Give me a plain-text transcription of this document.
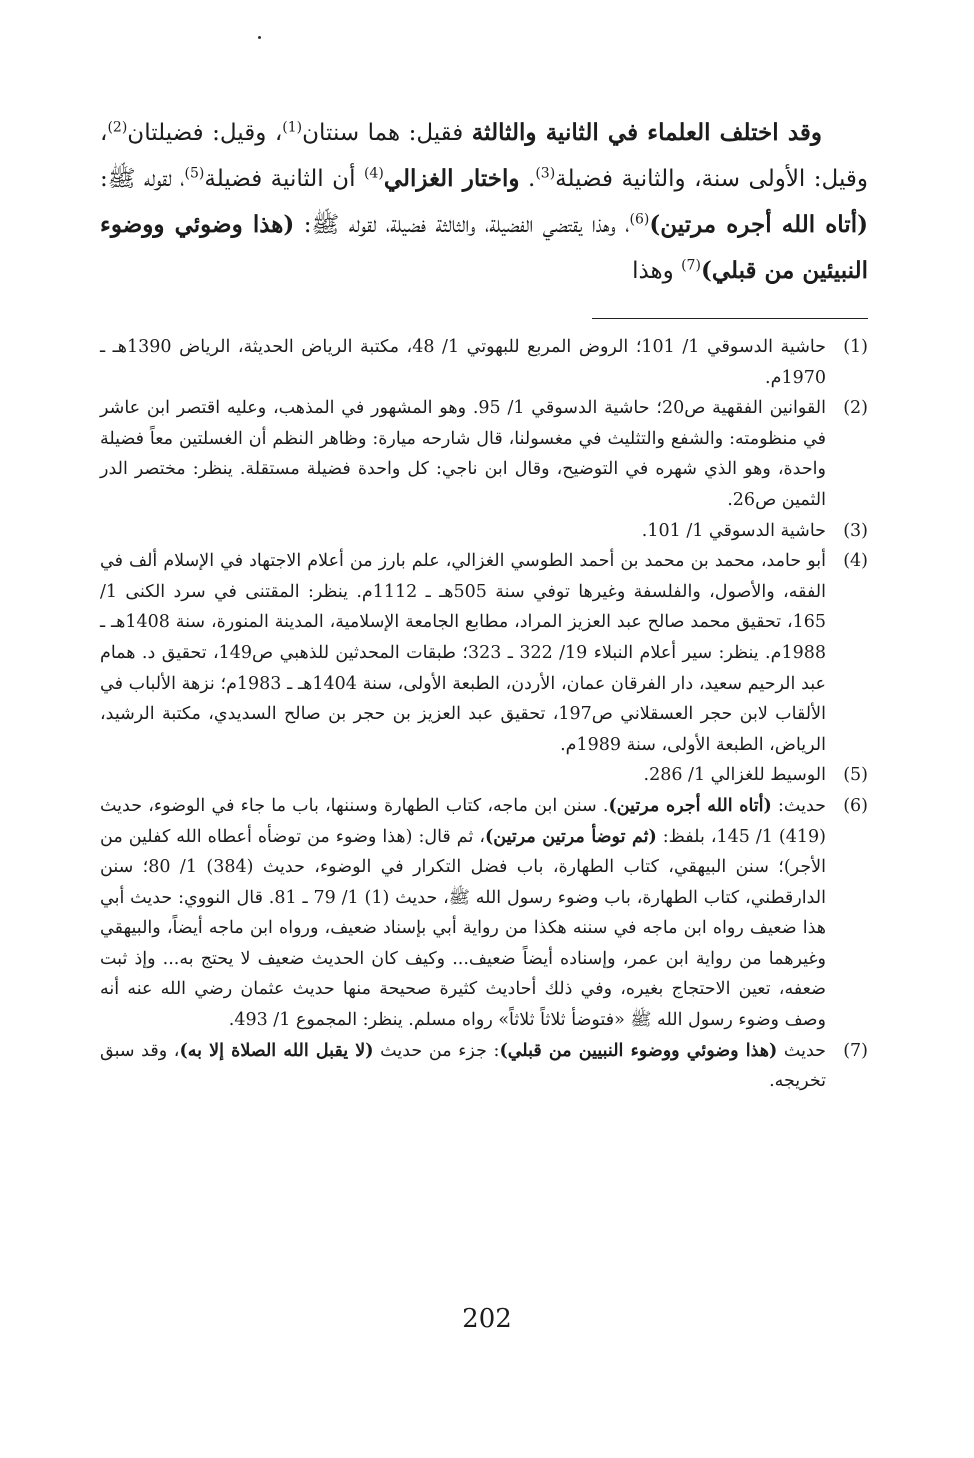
وقد اختلف العلماء في الثانية والثالثة فقيل: هما سنتان$^{(1)}$، وقيل: فضيلتان$^{(2)}$، وقيل: الأولى سنة، والثانية فضيلة$^{(3)}$. واختار الغزالي$^{(4)}$ أن الثانية فضيلة$^{(5)}$، لقوله ﷺ: (أتاه الله أجره مرتين)$^{(6)}$، وهذا يقتضي الفضيلة، والثالثة فضيلة، لقوله ﷺ: (هذا وضوئي ووضوء النبيئين من قبلي)$^{(7)}$ وهذا

(1)
حاشية الدسوقي 1/ 101؛ الروض المربع للبهوتي 1/ 48، مكتبة الرياض الحديثة، الرياض 1390هـ ـ 1970م.
(2)
القوانين الفقهية ص20؛ حاشية الدسوقي 1/ 95. وهو المشهور في المذهب، وعليه اقتصر ابن عاشر في منظومته: والشفع والتثليث في مغسولنا، قال شارحه ميارة: وظاهر النظم أن الغسلتين معاً فضيلة واحدة، وهو الذي شهره في التوضيح، وقال ابن ناجي: كل واحدة فضيلة مستقلة. ينظر: مختصر الدر الثمين ص26.
(3)
حاشية الدسوقي 1/ 101.
(4)
أبو حامد، محمد بن محمد بن أحمد الطوسي الغزالي، علم بارز من أعلام الاجتهاد في الإسلام ألف في الفقه، والأصول، والفلسفة وغيرها توفي سنة 505هـ ـ 1112م. ينظر: المقتنى في سرد الكنى 1/ 165، تحقيق محمد صالح عبد العزيز المراد، مطابع الجامعة الإسلامية، المدينة المنورة، سنة 1408هـ ـ 1988م. ينظر: سير أعلام النبلاء 19/ 322 ـ 323؛ طبقات المحدثين للذهبي ص149، تحقيق د. همام عبد الرحيم سعيد، دار الفرقان عمان، الأردن، الطبعة الأولى، سنة 1404هـ ـ 1983م؛ نزهة الألباب في الألقاب لابن حجر العسقلاني ص197، تحقيق عبد العزيز بن حجر بن صالح السديدي، مكتبة الرشيد، الرياض، الطبعة الأولى، سنة 1989م.
(5)
الوسيط للغزالي 1/ 286.
(6)
حديث: (أتاه الله أجره مرتين). سنن ابن ماجه، كتاب الطهارة وسننها، باب ما جاء في الوضوء، حديث (419) 1/ 145، بلفظ: (ثم توضأ مرتين مرتين)، ثم قال: (هذا وضوء من توضأه أعطاه الله كفلين من الأجر)؛ سنن البيهقي، كتاب الطهارة، باب فضل التكرار في الوضوء، حديث (384) 1/ 80؛ سنن الدارقطني، كتاب الطهارة، باب وضوء رسول الله ﷺ، حديث (1) 1/ 79 ـ 81. قال النووي: حديث أبي هذا ضعيف رواه ابن ماجه في سننه هكذا من رواية أبي بإسناد ضعيف، ورواه ابن ماجه أيضاً، والبيهقي وغيرهما من رواية ابن عمر، وإسناده أيضاً ضعيف... وكيف كان الحديث ضعيف لا يحتج به... وإذ ثبت ضعفه، تعين الاحتجاج بغيره، وفي ذلك أحاديث كثيرة صحيحة منها حديث عثمان رضي الله عنه أنه وصف وضوء رسول الله ﷺ «فتوضأ ثلاثاً ثلاثاً» رواه مسلم. ينظر: المجموع 1/ 493.
(7)
حديث (هذا وضوئي ووضوء النبيين من قبلي): جزء من حديث (لا يقبل الله الصلاة إلا به)، وقد سبق تخريجه.
202
